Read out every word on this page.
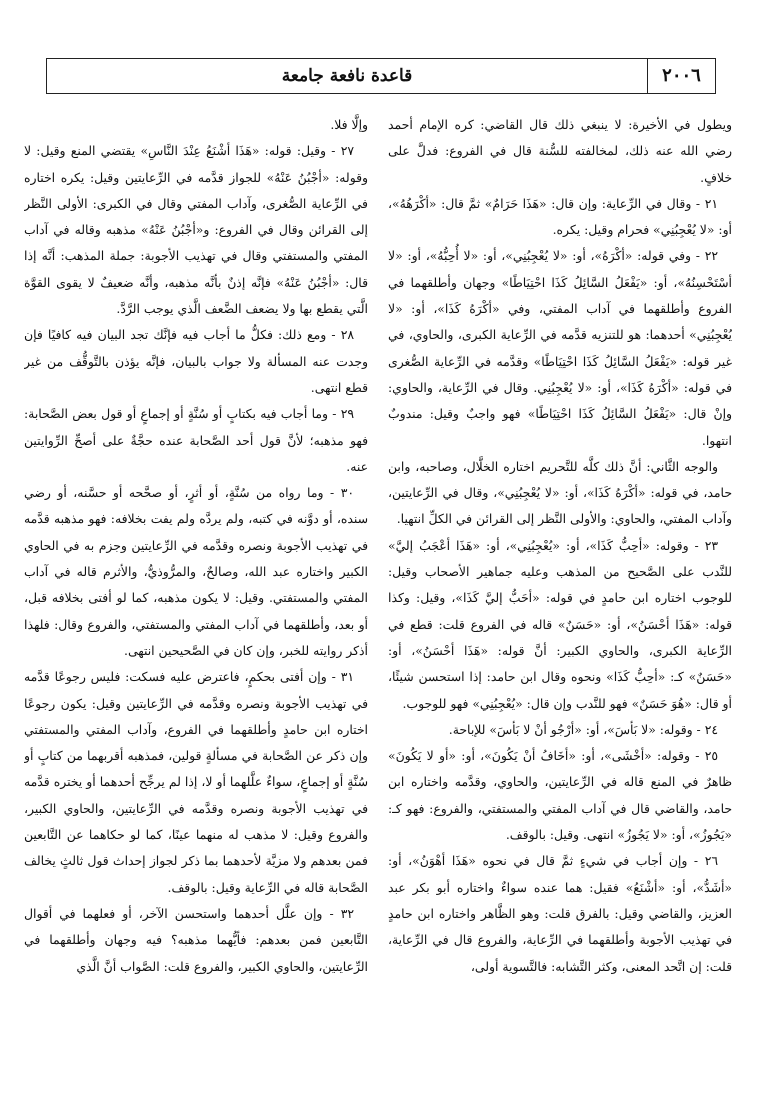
٢٠٠٦
قاعدة نافعة جامعة

ويطول في الأخيرة: لا ينبغي ذلك قال القاضي: كره الإمام أحمد رضي الله عنه ذلك، لمخالفته للسُّنة قال في الفروع: فدلَّ على خلافٍ.

٢١ - وقال في الرِّعاية: وإن قال: «هَذَا حَرَامٌ» ثمَّ قال: «أكْرَهُهُ»، أو: «لا يُعْجِبُنِي» فحرام وقيل: يكره.

٢٢ - وفي قوله: «أكْرَهُ»، أو: «لا يُعْجِبُنِي»، أو: «لا أُحِبُّهُ»، أو: «لا أسْتَحْسِنُهُ»، أو: «يَفْعَلُ السَّائِلُ كَذَا احْتِيَاطًا» وجهان وأطلقهما في الفروع وأطلقهما في آداب المفتي، وفي «أكْرَهُ كَذَا»، أو: «لا يُعْجِبُنِي» أحدهما: هو للتنزيه قدَّمه في الرِّعاية الكبرى، والحاوي، في غير قوله: «يَفْعَلُ السَّائِلُ كَذَا احْتِيَاطًا» وقدَّمه في الرِّعاية الصُّغرى في قوله: «أكْرَهُ كَذَا»، أو: «لا يُعْجِبُنِي. وقال في الرِّعاية، والحاوي: وإنْ قال: «يَفْعَلُ السَّائِلُ كَذَا احْتِيَاطًا» فهو واجبٌ وقيل: مندوبٌ انتهوا.

والوجه الثَّاني: أنَّ ذلك كلَّه للتَّحريم اختاره الخلَّال، وصاحبه، وابن حامد، في قوله: «أكْرَهُ كَذَا»، أو: «لا يُعْجِبُنِي»، وقال في الرِّعايتين، وآداب المفتي، والحاوي: والأولى النَّظر إلى القرائن في الكلِّ انتهيا.

٢٣ - وقوله: «أحِبُّ كَذَا»، أو: «يُعْجِبُنِي»، أو: «هَذَا أعْجَبُ إليَّ» للنَّدب على الصَّحيح من المذهب وعليه جماهير الأصحاب وقيل: للوجوب اختاره ابن حامدٍ في قوله: «أحَبُّ إليَّ كَذَا»، وقيل: وكذا قوله: «هَذَا أحْسَنُ»، أو: «حَسَنٌ» قاله في الفروع قلت: قطع في الرِّعاية الكبرى، والحاوي الكبير: أنَّ قوله: «هَذَا أحْسَنُ»، أو: «حَسَنٌ» كـ: «أحِبُّ كَذَا» ونحوه وقال ابن حامد: إذا استحسن شيئًا، أو قال: «هُوَ حَسَنٌ» فهو للنَّدب وإن قال: «يُعْجِبُنِي» فهو للوجوب.

٢٤ - وقوله: «لا بَأسَ»، أو: «أرْجُو أنْ لا بَأسَ» للإباحة.

٢٥ - وقوله: «أخْشَى»، أو: «أخَافُ أنْ يَكُونَ»، أو: «أو لا يَكُونَ» ظاهرٌ في المنع قاله في الرِّعايتين، والحاوي، وقدَّمه واختاره ابن حامد، والقاضي قال في آداب المفتي والمستفتي، والفروع: فهو كـ: «يَجُوزُ»، أو: «لا يَجُوزُ» انتهى. وقيل: بالوقف.

٢٦ - وإن أجاب في شيءٍ ثمَّ قال في نحوه «هَذَا أهْوَنُ»، أو: «أشَدُّ»، أو: «أشْنَعُ» فقيل: هما عنده سواءٌ واختاره أبو بكر عبد العزيز، والقاضي وقيل: بالفرق قلت: وهو الظَّاهر واختاره ابن حامدٍ في تهذيب الأجوبة وأطلقهما في الرِّعاية، والفروع قال في الرِّعاية، قلت: إن اتَّحد المعنى، وكثر التَّشابه: فالتَّسوية أولى،

وإلَّا فلا.

٢٧ - وقيل: قوله: «هَذَا أشْنَعُ عِنْدَ النَّاسِ» يقتضي المنع وقيل: لا وقوله: «أجْبُنُ عَنْهُ» للجواز قدَّمه في الرِّعايتين وقيل: يكره اختاره في الرِّعاية الصُّغرى، وآداب المفتي وقال في الكبرى: الأولى النَّظر إلى القرائن وقال في الفروع: و«أجْبُنُ عَنْهُ» مذهبه وقاله في آداب المفتي والمستفتي وقال في تهذيب الأجوبة: جملة المذهب: أنَّه إذا قال: «أجْبُنُ عَنْهُ» فإنَّه إذنٌ بأنَّه مذهبه، وأنَّه ضعيفٌ لا يقوى القوَّة الَّتي يقطع بها ولا يضعف الضَّعف الَّذي يوجب الرَّدَّ.

٢٨ - ومع ذلك: فكلُّ ما أجاب فيه فإنَّك تجد البيان فيه كافيًا فإن وجدت عنه المسألة ولا جواب بالبيان، فإنَّه يؤذن بالتَّوقُّف من غير قطع انتهى.

٢٩ - وما أجاب فيه بكتابٍ أو سُنَّةٍ أو إجماعٍ أو قول بعض الصَّحابة: فهو مذهبه؛ لأنَّ قول أحد الصَّحابة عنده حجَّةٌ على أصحِّ الرِّوايتين عنه.

٣٠ - وما رواه من سُنَّةٍ، أو أثرٍ، أو صحَّحه أو حسَّنه، أو رضي سنده، أو دوَّنه في كتبه، ولم يردَّه ولم يفت بخلافه: فهو مذهبه قدَّمه في تهذيب الأجوبة ونصره وقدَّمه في الرِّعايتين وجزم به في الحاوي الكبير واختاره عبد الله، وصالحٌ، والمرُّوذيُّ، والأثرم قاله في آداب المفتي والمستفتي. وقيل: لا يكون مذهبه، كما لو أفتى بخلافه قبل، أو بعد، وأطلقهما في آداب المفتي والمستفتي، والفروع وقال: فلهذا أذكر روايته للخبر، وإن كان في الصَّحيحين انتهى.

٣١ - وإن أفتى بحكمٍ، فاعترض عليه فسكت: فليس رجوعًا قدَّمه في تهذيب الأجوبة ونصره وقدَّمه في الرِّعايتين وقيل: يكون رجوعًا اختاره ابن حامدٍ وأطلقهما في الفروع، وآداب المفتي والمستفتي وإن ذكر عن الصَّحابة في مسألةٍ قولين، فمذهبه أقربهما من كتابٍ أو سُنَّةٍ أو إجماعٍ، سواءٌ علَّلهما أو لا، إذا لم يرجِّح أحدهما أو يختره قدَّمه في تهذيب الأجوبة ونصره وقدَّمه في الرِّعايتين، والحاوي الكبير، والفروع وقيل: لا مذهب له منهما عينًا، كما لو حكاهما عن التَّابعين فمن بعدهم ولا مزيَّة لأحدهما بما ذكر لجواز إحداث قول ثالثٍ يخالف الصَّحابة قاله في الرِّعاية وقيل: بالوقف.

٣٢ - وإن علَّل أحدهما واستحسن الآخر، أو فعلهما في أقوال التَّابعين فمن بعدهم: فأيُّهما مذهبه؟ فيه وجهان وأطلقهما في الرِّعايتين، والحاوي الكبير، والفروع قلت: الصَّواب أنَّ الَّذي
